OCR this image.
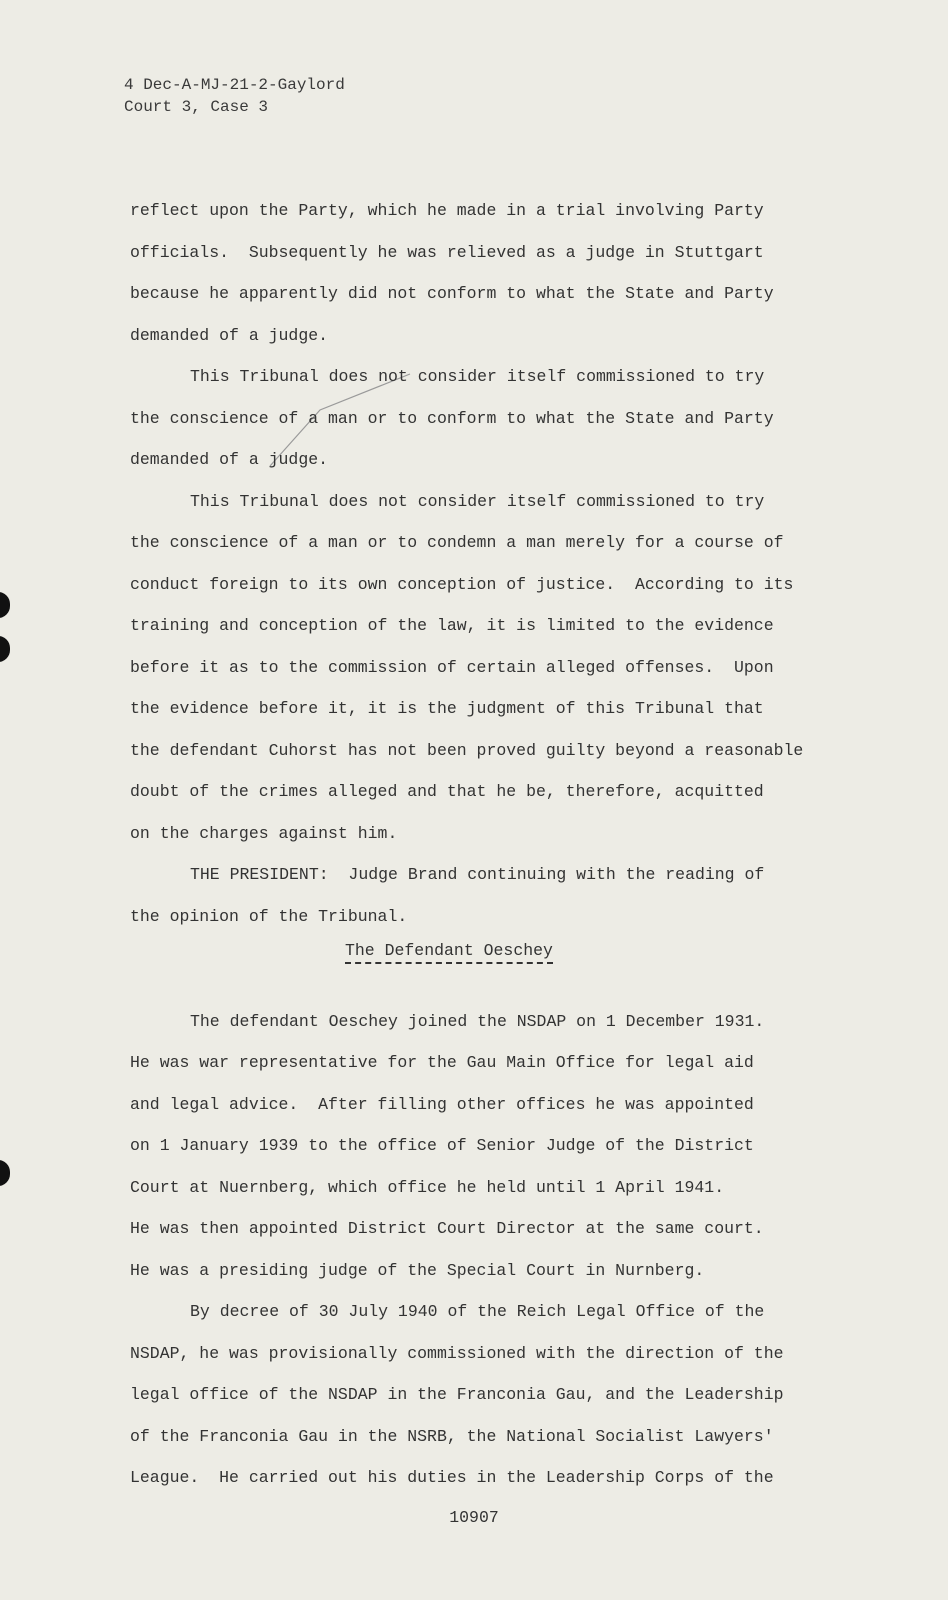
4 Dec-A-MJ-21-2-Gaylord
Court 3, Case 3
reflect upon the Party, which he made in a trial involving Party
officials.  Subsequently he was relieved as a judge in Stuttgart
because he apparently did not conform to what the State and Party
demanded of a judge.
This Tribunal does not consider itself commissioned to try
the conscience of a man or to conform to what the State and Party
demanded of a judge.
This Tribunal does not consider itself commissioned to try
the conscience of a man or to condemn a man merely for a course of
conduct foreign to its own conception of justice.  According to its
training and conception of the law, it is limited to the evidence
before it as to the commission of certain alleged offenses.  Upon
the evidence before it, it is the judgment of this Tribunal that
the defendant Cuhorst has not been proved guilty beyond a reasonable
doubt of the crimes alleged and that he be, therefore, acquitted
on the charges against him.
THE PRESIDENT:  Judge Brand continuing with the reading of
the opinion of the Tribunal.
The Defendant Oeschey
The defendant Oeschey joined the NSDAP on 1 December 1931.
He was war representative for the Gau Main Office for legal aid
and legal advice.  After filling other offices he was appointed
on 1 January 1939 to the office of Senior Judge of the District
Court at Nuernberg, which office he held until 1 April 1941.
He was then appointed District Court Director at the same court.
He was a presiding judge of the Special Court in Nurnberg.
By decree of 30 July 1940 of the Reich Legal Office of the
NSDAP, he was provisionally commissioned with the direction of the
legal office of the NSDAP in the Franconia Gau, and the Leadership
of the Franconia Gau in the NSRB, the National Socialist Lawyers'
League.  He carried out his duties in the Leadership Corps of the
10907
